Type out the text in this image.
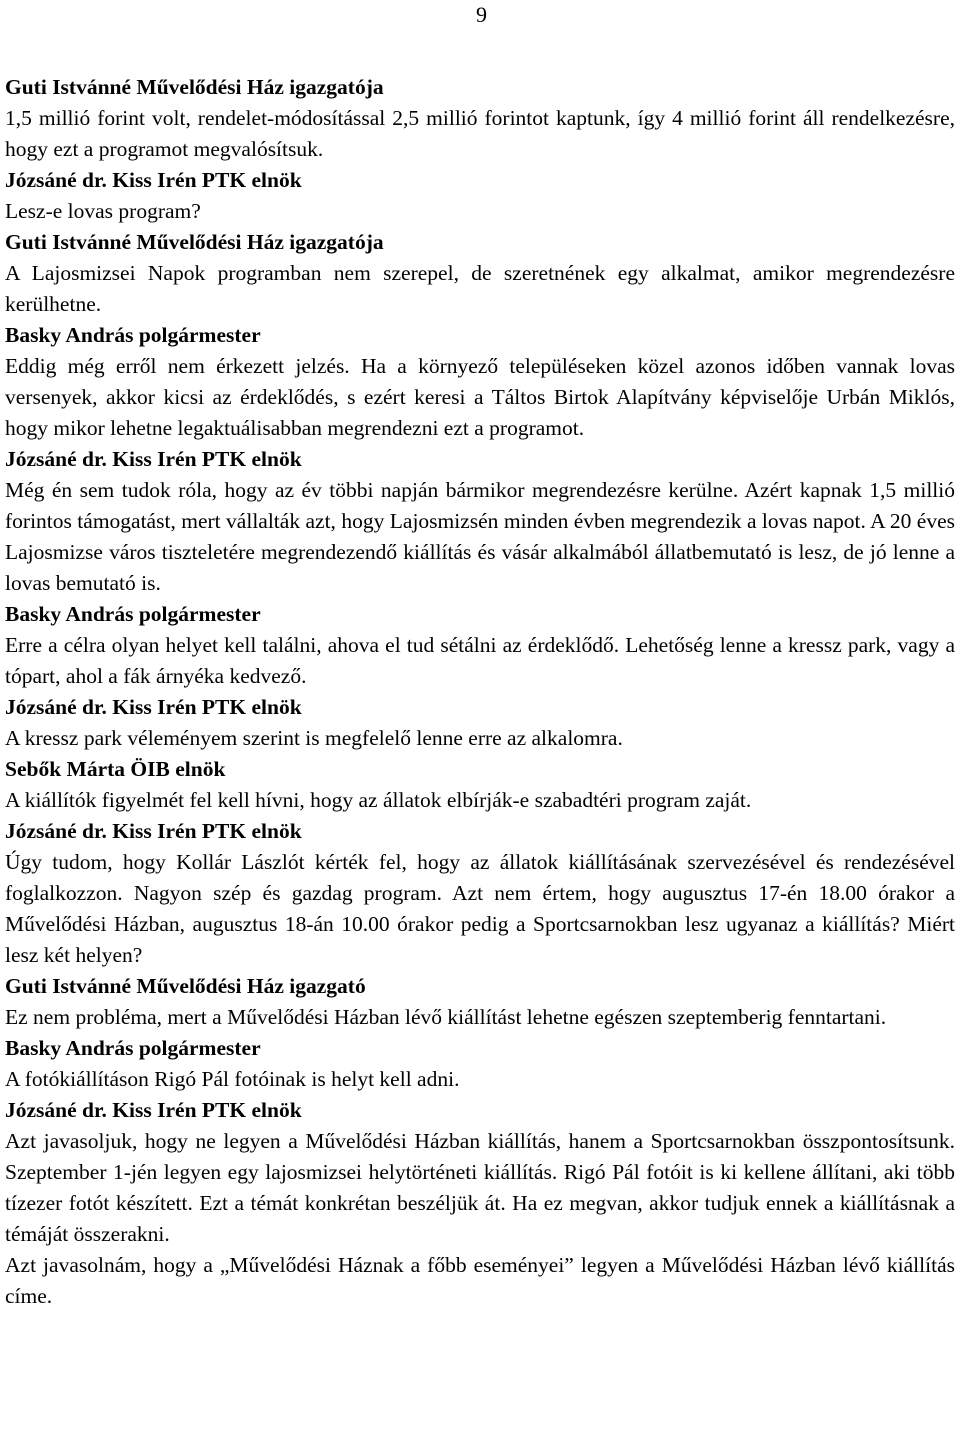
9

Guti Istvánné Művelődési Ház igazgatója

1,5 millió forint volt, rendelet-módosítással 2,5 millió forintot kaptunk, így 4 millió forint áll rendelkezésre, hogy ezt a programot megvalósítsuk.

Józsáné dr. Kiss Irén PTK elnök

Lesz-e lovas program?

Guti Istvánné Művelődési Ház igazgatója

A Lajosmizsei Napok programban nem szerepel, de szeretnének egy alkalmat, amikor megrendezésre kerülhetne.

Basky András polgármester

Eddig még erről nem érkezett jelzés. Ha a környező településeken közel azonos időben vannak lovas versenyek, akkor kicsi az érdeklődés, s ezért keresi a Táltos Birtok Alapítvány képviselője Urbán Miklós, hogy mikor lehetne legaktuálisabban megrendezni ezt a programot.

Józsáné dr. Kiss Irén PTK elnök

Még én sem tudok róla, hogy az év többi napján bármikor megrendezésre kerülne. Azért kapnak 1,5 millió forintos támogatást, mert vállalták azt, hogy Lajosmizsén minden évben megrendezik a lovas napot. A 20 éves Lajosmizse város tiszteletére megrendezendő kiállítás és vásár alkalmából állatbemutató is lesz, de jó lenne a lovas bemutató is.

Basky András polgármester

Erre a célra olyan helyet kell találni, ahova el tud sétálni az érdeklődő. Lehetőség lenne a kressz park, vagy a tópart, ahol a fák árnyéka kedvező.

Józsáné dr. Kiss Irén PTK elnök

A kressz park véleményem szerint is megfelelő lenne erre az alkalomra.

Sebők Márta ÖIB elnök

A kiállítók figyelmét fel kell hívni, hogy az állatok elbírják-e szabadtéri program zaját.

Józsáné dr. Kiss Irén PTK elnök

Úgy tudom, hogy Kollár Lászlót kérték fel, hogy az állatok kiállításának szervezésével és rendezésével foglalkozzon. Nagyon szép és gazdag program. Azt nem értem, hogy augusztus 17-én 18.00 órakor a Művelődési Házban, augusztus 18-án 10.00 órakor pedig a Sportcsarnokban lesz ugyanaz a kiállítás? Miért lesz két helyen?

Guti Istvánné Művelődési Ház igazgató

Ez nem probléma, mert a Művelődési Házban lévő kiállítást lehetne egészen szeptemberig fenntartani.

Basky András polgármester

A fotókiállításon Rigó Pál fotóinak is helyt kell adni.

Józsáné dr. Kiss Irén PTK elnök

Azt javasoljuk, hogy ne legyen a Művelődési Házban kiállítás, hanem a Sportcsarnokban összpontosítsunk. Szeptember 1-jén legyen egy lajosmizsei helytörténeti kiállítás. Rigó Pál fotóit is ki kellene állítani, aki több tízezer fotót készített. Ezt a témát konkrétan beszéljük át. Ha ez megvan, akkor tudjuk ennek a kiállításnak a témáját összerakni.

Azt javasolnám, hogy a „Művelődési Háznak a főbb eseményei” legyen a Művelődési Házban lévő kiállítás címe.
